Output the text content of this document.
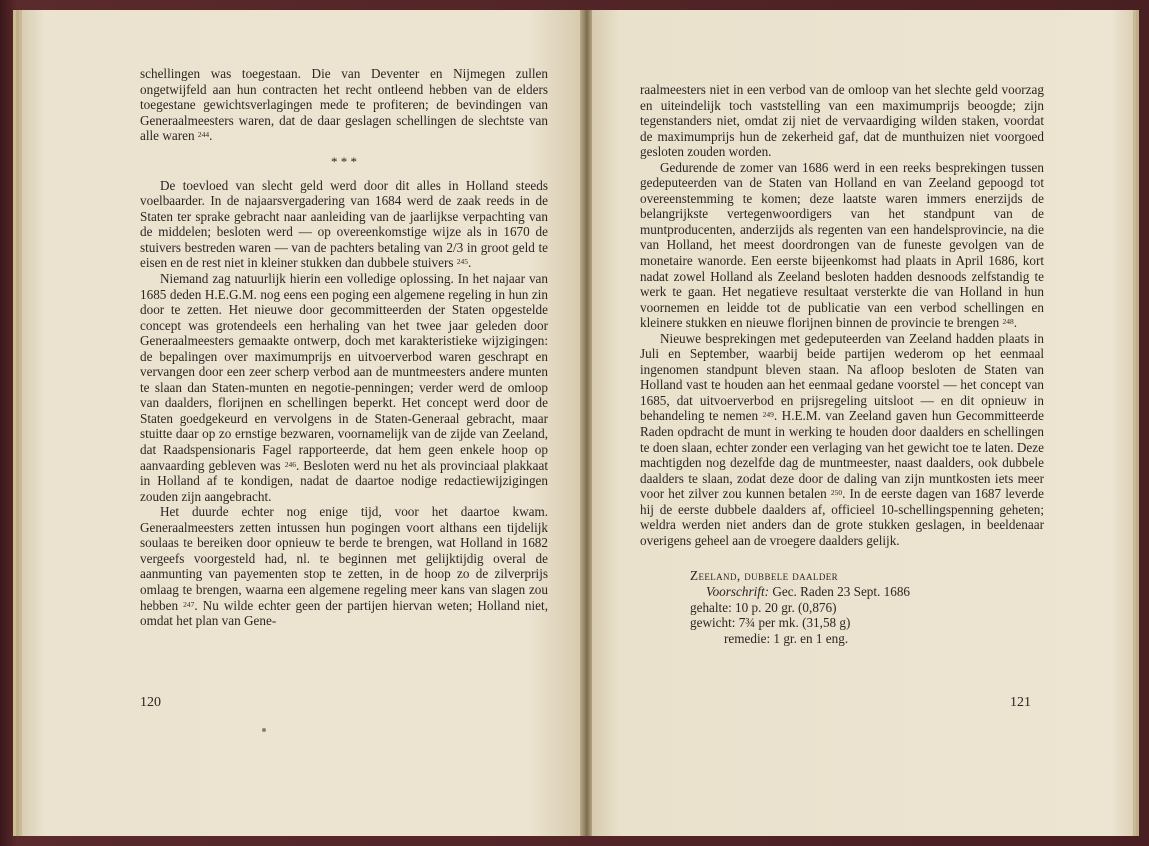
schellingen was toegestaan. Die van Deventer en Nijmegen zullen ongetwijfeld aan hun contracten het recht ontleend hebben van de elders toegestane gewichtsverlagingen mede te profiteren; de bevindingen van Generaalmeesters waren, dat de daar geslagen schellingen de slechtste van alle waren $^{244}$.

* * *

De toevloed van slecht geld werd door dit alles in Holland steeds voelbaarder. In de najaarsvergadering van 1684 werd de zaak reeds in de Staten ter sprake gebracht naar aanleiding van de jaarlijkse verpachting van de middelen; besloten werd — op overeenkomstige wijze als in 1670 de stuivers bestreden waren — van de pachters betaling van 2/3 in groot geld te eisen en de rest niet in kleiner stukken dan dubbele stuivers $^{245}$.

Niemand zag natuurlijk hierin een volledige oplossing. In het najaar van 1685 deden H.E.G.M. nog eens een poging een algemene regeling in hun zin door te zetten. Het nieuwe door gecommitteerden der Staten opgestelde concept was grotendeels een herhaling van het twee jaar geleden door Generaalmeesters gemaakte ontwerp, doch met karakteristieke wijzigingen: de bepalingen over maximumprijs en uitvoerverbod waren geschrapt en vervangen door een zeer scherp verbod aan de muntmeesters andere munten te slaan dan Staten-munten en negotie-penningen; verder werd de omloop van daalders, florijnen en schellingen beperkt. Het concept werd door de Staten goedgekeurd en vervolgens in de Staten-Generaal gebracht, maar stuitte daar op zo ernstige bezwaren, voornamelijk van de zijde van Zeeland, dat Raadspensionaris Fagel rapporteerde, dat hem geen enkele hoop op aanvaarding gebleven was $^{246}$. Besloten werd nu het als provinciaal plakkaat in Holland af te kondigen, nadat de daartoe nodige redactiewijzigingen zouden zijn aangebracht.

Het duurde echter nog enige tijd, voor het daartoe kwam. Generaalmeesters zetten intussen hun pogingen voort althans een tijdelijk soulaas te bereiken door opnieuw te berde te brengen, wat Holland in 1682 vergeefs voorgesteld had, nl. te beginnen met gelijktijdig overal de aanmunting van payementen stop te zetten, in de hoop zo de zilverprijs omlaag te brengen, waarna een algemene regeling meer kans van slagen zou hebben $^{247}$. Nu wilde echter geen der partijen hiervan weten; Holland niet, omdat het plan van Gene-

120

raalmeesters niet in een verbod van de omloop van het slechte geld voorzag en uiteindelijk toch vaststelling van een maximumprijs beoogde; zijn tegenstanders niet, omdat zij niet de vervaardiging wilden staken, voordat de maximumprijs hun de zekerheid gaf, dat de munthuizen niet voorgoed gesloten zouden worden.

Gedurende de zomer van 1686 werd in een reeks besprekingen tussen gedeputeerden van de Staten van Holland en van Zeeland gepoogd tot overeenstemming te komen; deze laatste waren immers enerzijds de belangrijkste vertegenwoordigers van het standpunt van de muntproducenten, anderzijds als regenten van een handelsprovincie, na die van Holland, het meest doordrongen van de funeste gevolgen van de monetaire wanorde. Een eerste bijeenkomst had plaats in April 1686, kort nadat zowel Holland als Zeeland besloten hadden desnoods zelfstandig te werk te gaan. Het negatieve resultaat versterkte die van Holland in hun voornemen en leidde tot de publicatie van een verbod schellingen en kleinere stukken en nieuwe florijnen binnen de provincie te brengen $^{248}$.

Nieuwe besprekingen met gedeputeerden van Zeeland hadden plaats in Juli en September, waarbij beide partijen wederom op het eenmaal ingenomen standpunt bleven staan. Na afloop besloten de Staten van Holland vast te houden aan het eenmaal gedane voorstel — het concept van 1685, dat uitvoerverbod en prijsregeling uitsloot — en dit opnieuw in behandeling te nemen $^{249}$. H.E.M. van Zeeland gaven hun Gecommitteerde Raden opdracht de munt in werking te houden door daalders en schellingen te doen slaan, echter zonder een verlaging van het gewicht toe te laten. Deze machtigden nog dezelfde dag de muntmeester, naast daalders, ook dubbele daalders te slaan, zodat deze door de daling van zijn muntkosten iets meer voor het zilver zou kunnen betalen $^{250}$. In de eerste dagen van 1687 leverde hij de eerste dubbele daalders af, officieel 10-schellingspenning geheten; weldra werden niet anders dan de grote stukken geslagen, in beeldenaar overigens geheel aan de vroegere daalders gelijk.

Zeeland, dubbele daalder
Voorschrift: Gec. Raden 23 Sept. 1686
gehalte: 10 p. 20 gr. (0,876)
gewicht: 7¾ per mk. (31,58 g)
remedie: 1 gr. en 1 eng.
121
